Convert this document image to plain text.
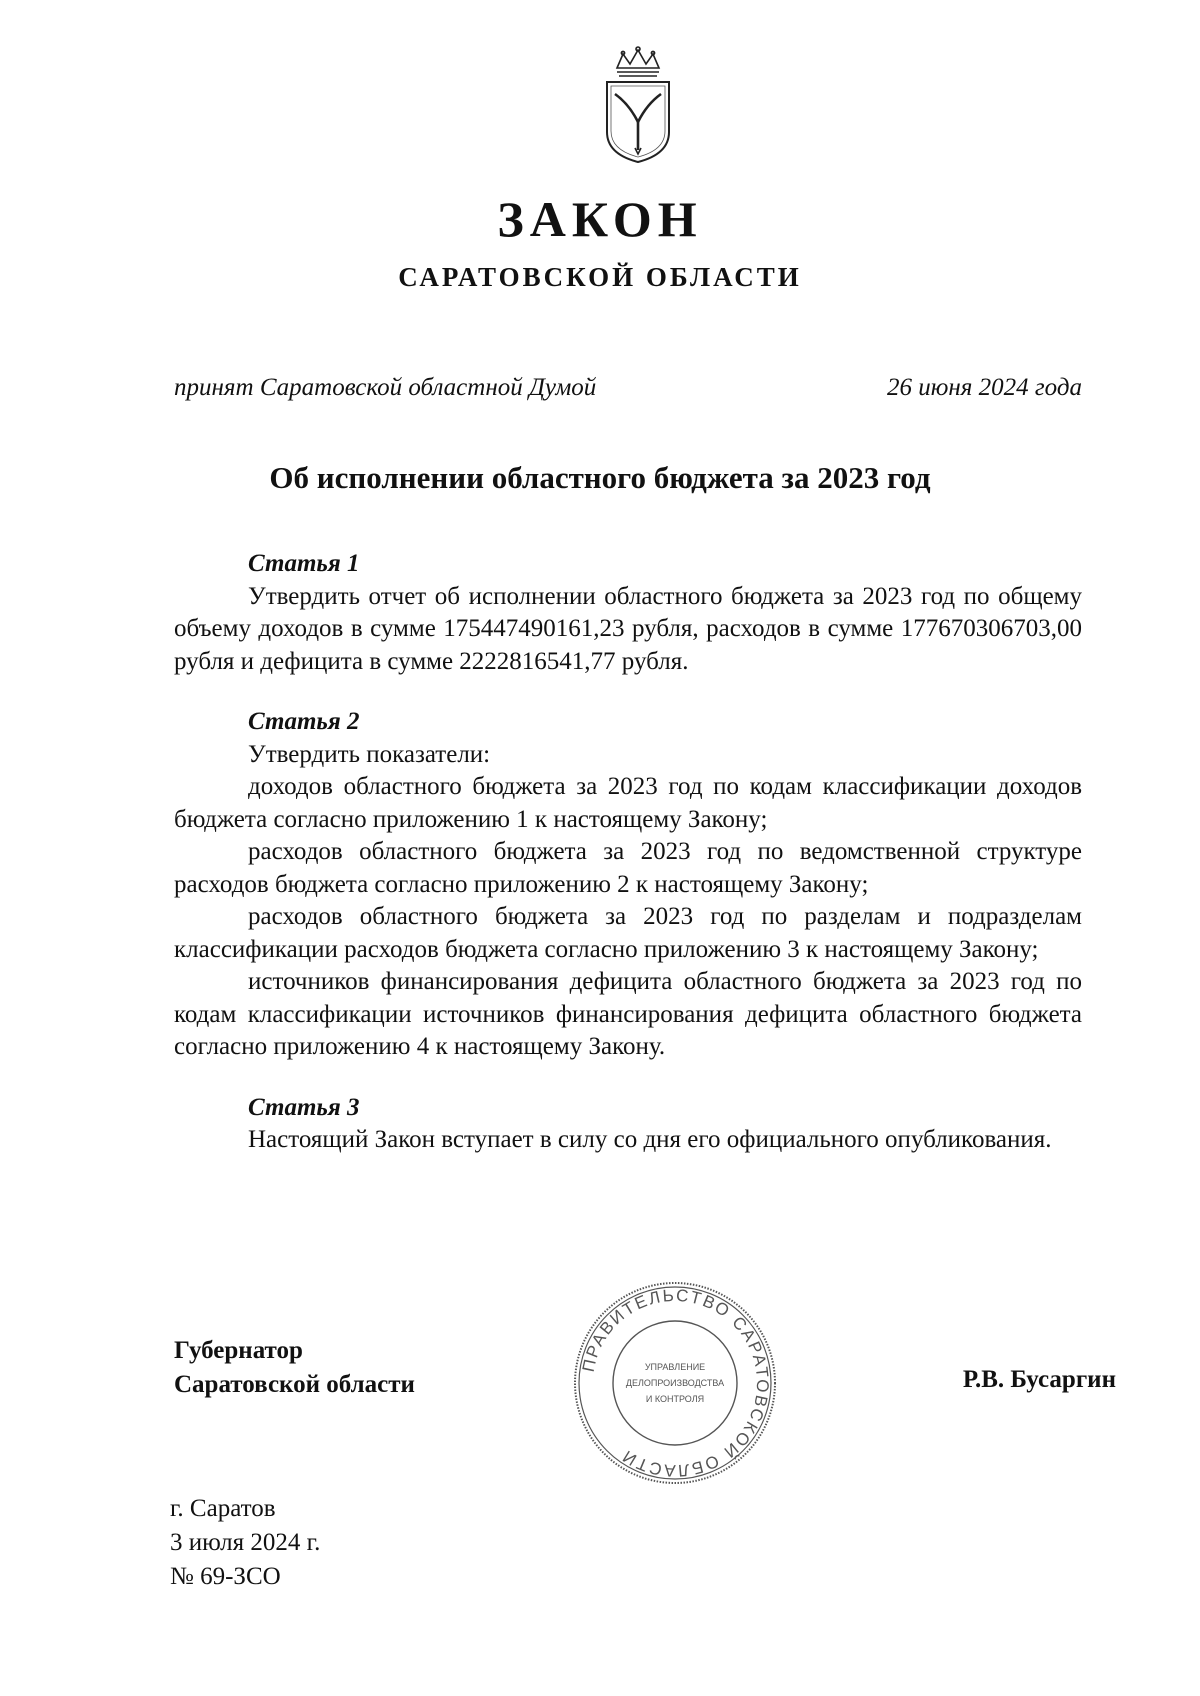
ЗАКОН
САРАТОВСКОЙ ОБЛАСТИ
принят Саратовской областной Думой	26 июня 2024 года
Об исполнении областного бюджета за 2023 год
Статья 1

Утвердить отчет об исполнении областного бюджета за 2023 год по общему объему доходов в сумме 175447490161,23 рубля, расходов в сумме 177670306703,00 рубля и дефицита в сумме 2222816541,77 рубля.

Статья 2

Утвердить показатели:

доходов областного бюджета за 2023 год по кодам классификации доходов бюджета согласно приложению 1 к настоящему Закону;

расходов областного бюджета за 2023 год по ведомственной структуре расходов бюджета согласно приложению 2 к настоящему Закону;

расходов областного бюджета за 2023 год по разделам и подразделам классификации расходов бюджета согласно приложению 3 к настоящему Закону;

источников финансирования дефицита областного бюджета за 2023 год по кодам классификации источников финансирования дефицита областного бюджета согласно приложению 4 к настоящему Закону.

Статья 3

Настоящий Закон вступает в силу со дня его официального опубликования.

Губернатор
Саратовской области
ПРАВИТЕЛЬСТВО САРАТОВСКОЙ ОБЛАСТИ
УПРАВЛЕНИЕ
ДЕЛОПРОИЗВОДСТВА
И КОНТРОЛЯ
Р.В. Бусаргин
г. Саратов
3 июля 2024 г.
№ 69-ЗСО
